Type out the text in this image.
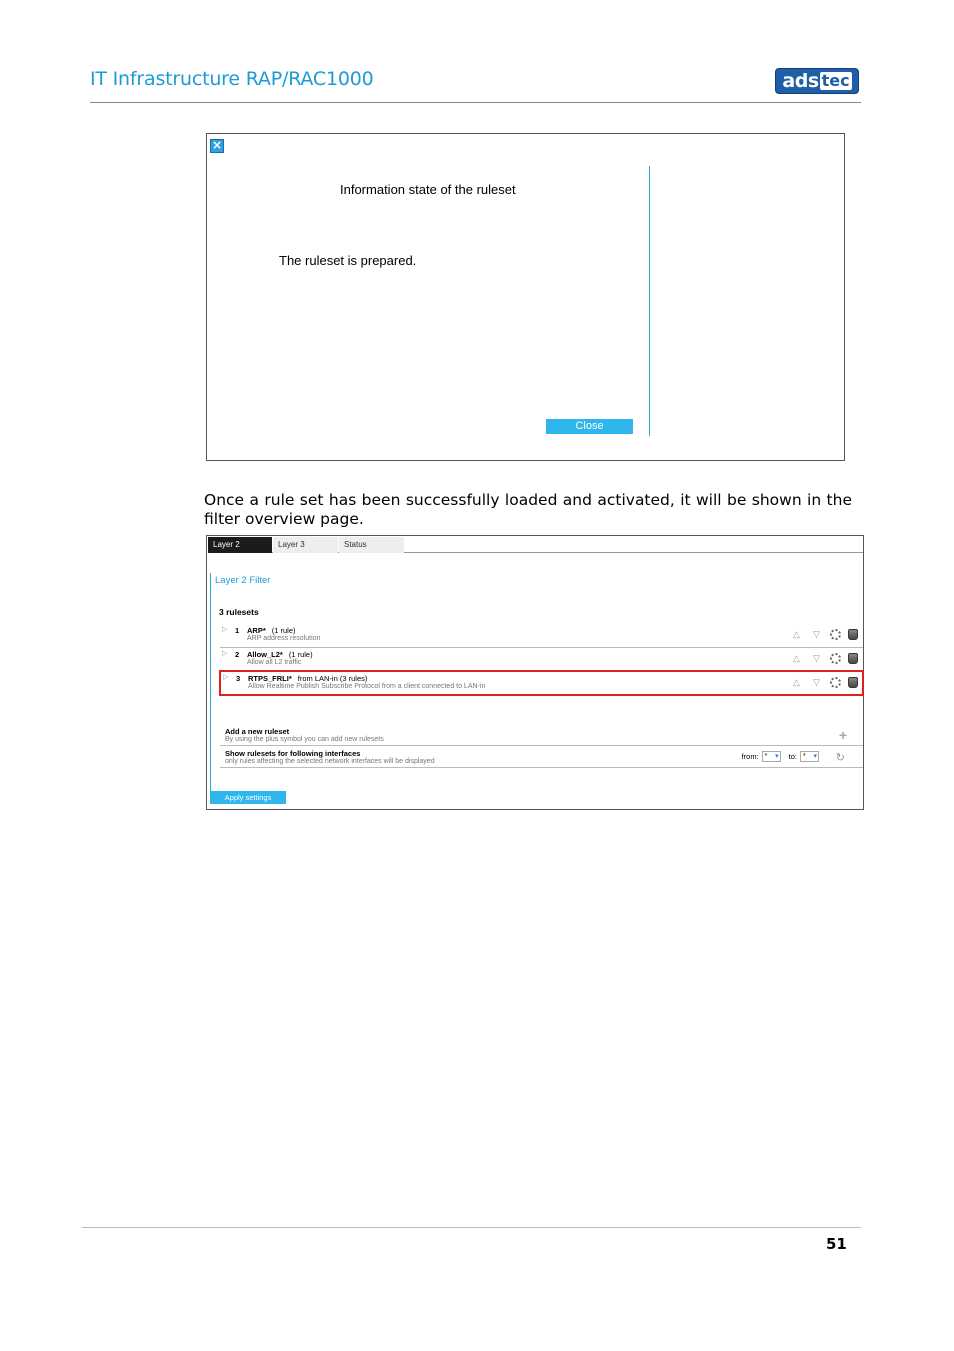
IT Infrastructure RAP/RAC1000	ads tec
×
Information state of the ruleset
The ruleset is prepared.
Close

Once a rule set has been successfully loaded and activated, it will be shown in the filter overview page.

Layer 2	Layer 3	Status
Layer 2 Filter
3 rulesets
▷ 1 ARP* (1 rule)
ARP address resolution	△	▽
▷ 2 Allow_L2* (1 rule)
Allow all L2 traffic	△	▽
▷ 3 RTPS_FRLI* from LAN-in (3 rules)
Allow Realtime Publish Subscribe Protocol from a client connected to LAN-in	△	▽
Add a new ruleset
By using the plus symbol you can add new rulesets	+
Show rulesets for following interfaces
only rules affecting the selected network interfaces will be displayed
from: * ▾	to: * ▾	↻
Apply settings
51
